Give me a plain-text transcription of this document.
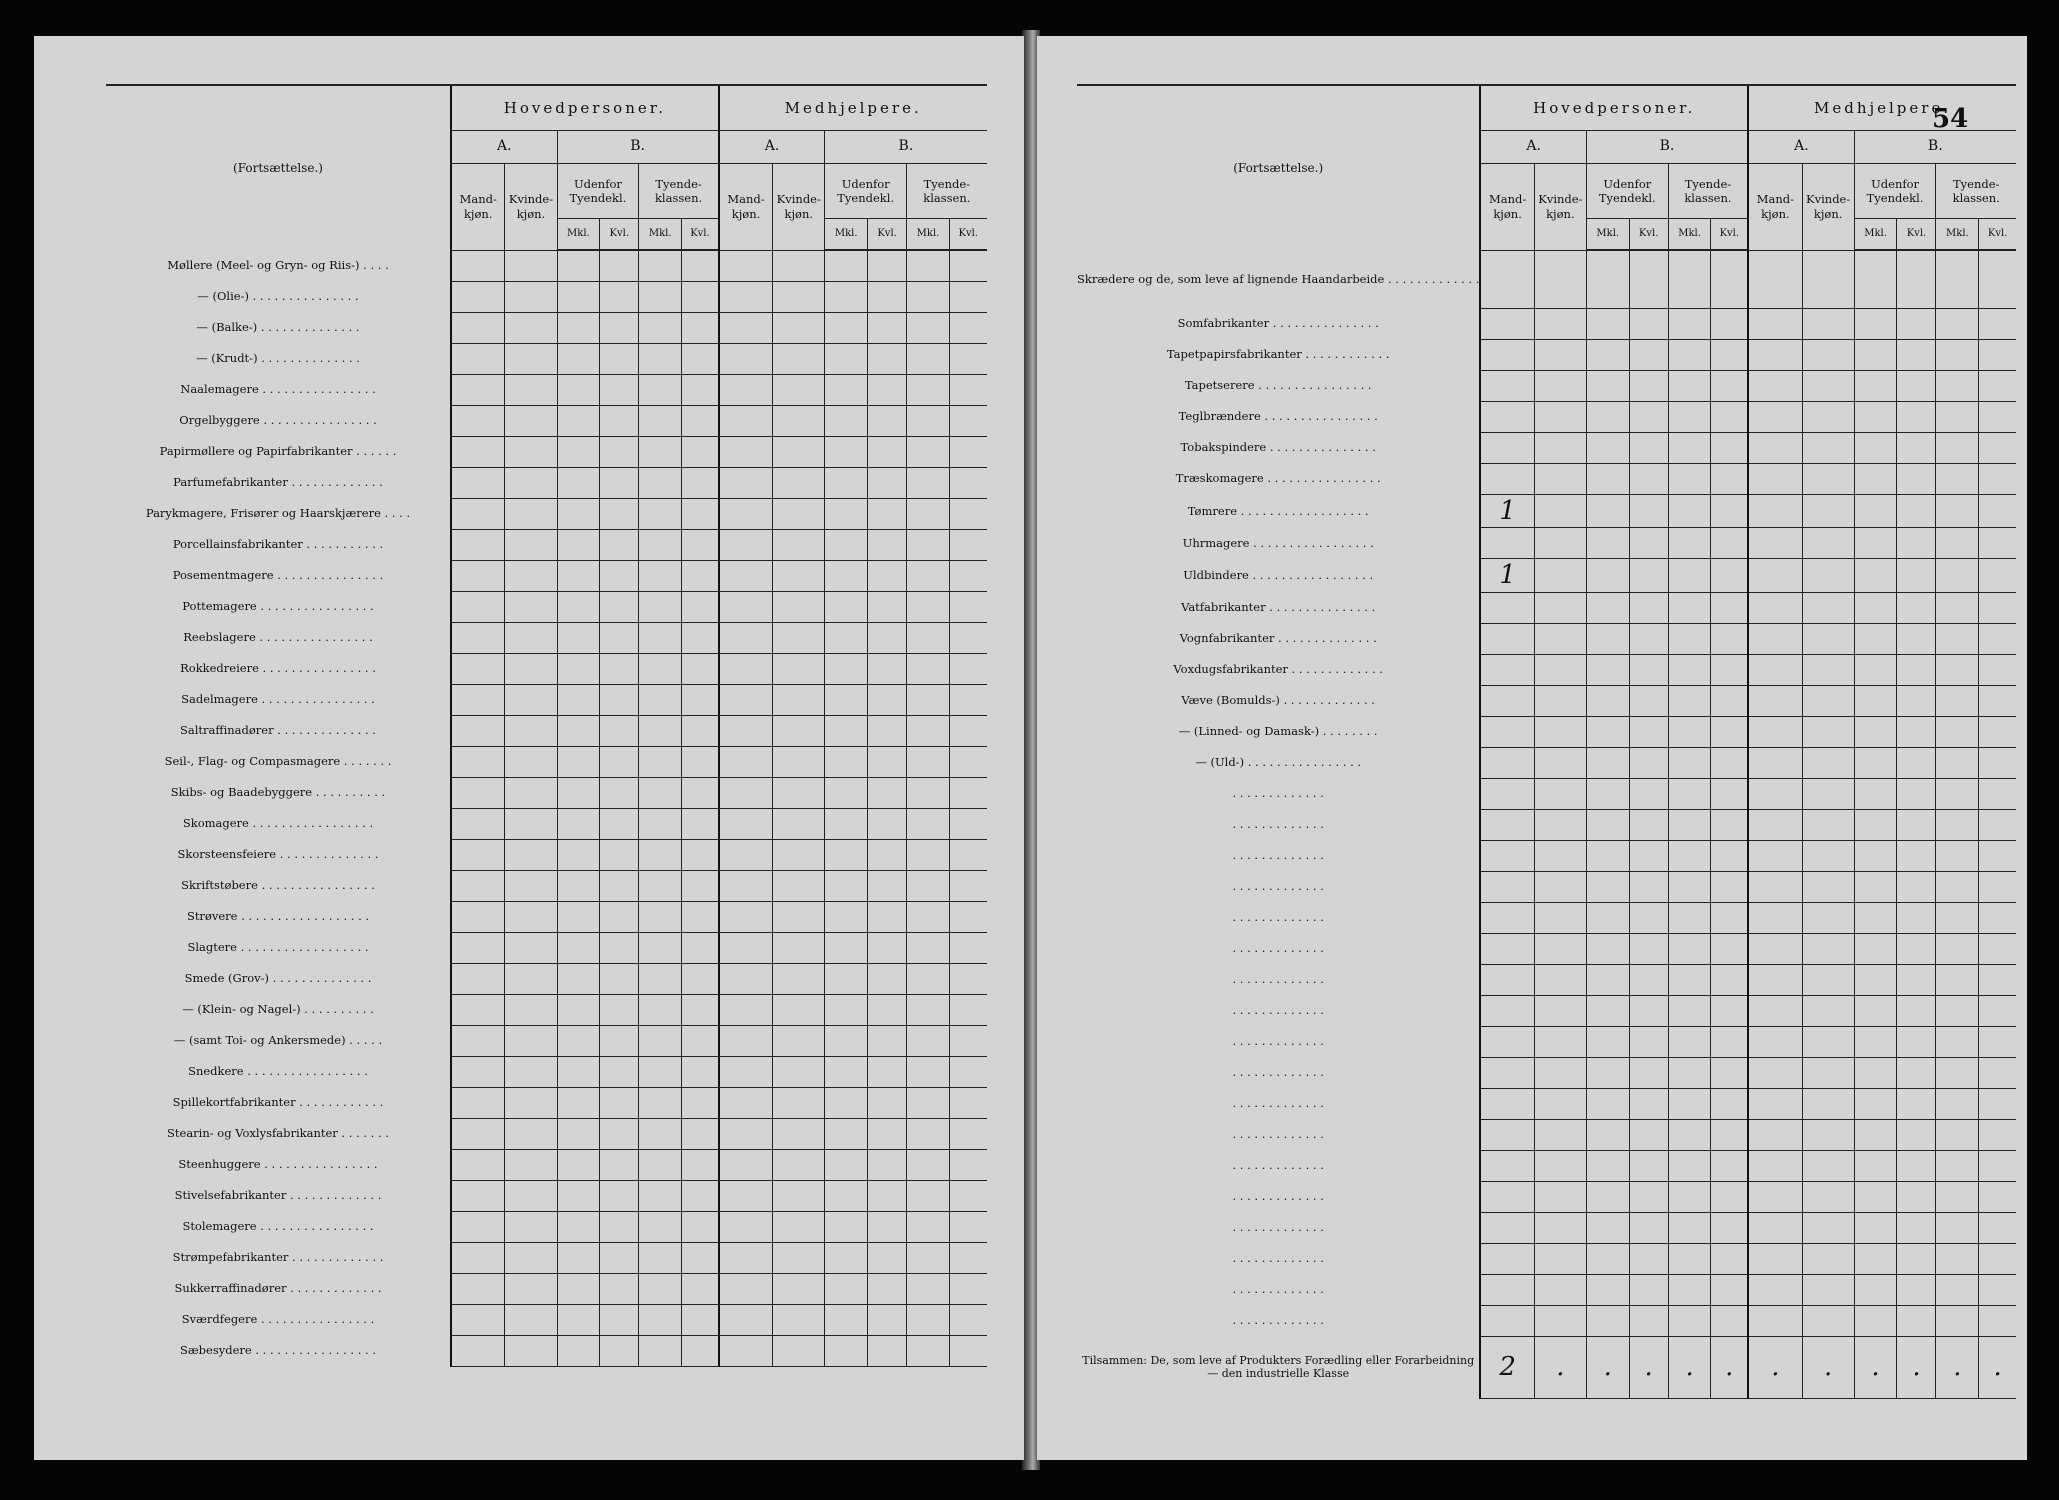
(Fortsættelse.)	Hovedpersoner.						Medhjelpere.					
	A.		B.				A.		B.			
	Mand-kjøn.	Kvinde-kjøn.	Udenfor Tyendekl.		Tyende-klassen.		Mand-kjøn.	Kvinde-kjøn.	Udenfor Tyendekl.		Tyende-klassen.	
			Mkl.	Kvl.	Mkl.	Kvl.			Mkl.	Kvl.	Mkl.	Kvl.
Møllere (Meel- og Gryn- og Riis-) . . . .												
— (Olie-) . . . . . . . . . . . . . . .												
— (Balke-) . . . . . . . . . . . . . .												
— (Krudt-) . . . . . . . . . . . . . .												
Naalemagere . . . . . . . . . . . . . . . .												
Orgelbyggere . . . . . . . . . . . . . . . .												
Papirmøllere og Papirfabrikanter . . . . . .												
Parfumefabrikanter . . . . . . . . . . . . .												
Parykmagere, Frisører og Haarskjærere . . . .												
Porcellainsfabrikanter . . . . . . . . . . .												
Posementmagere . . . . . . . . . . . . . . .												
Pottemagere . . . . . . . . . . . . . . . .												
Reebslagere . . . . . . . . . . . . . . . .												
Rokkedreiere . . . . . . . . . . . . . . . .												
Sadelmagere . . . . . . . . . . . . . . . .												
Saltraffinadører . . . . . . . . . . . . . .												
Seil-, Flag- og Compasmagere . . . . . . .												
Skibs- og Baadebyggere . . . . . . . . . .												
Skomagere . . . . . . . . . . . . . . . . .												
Skorsteensfeiere . . . . . . . . . . . . . .												
Skriftstøbere . . . . . . . . . . . . . . . .												
Strøvere . . . . . . . . . . . . . . . . . .												
Slagtere . . . . . . . . . . . . . . . . . .												
Smede (Grov-) . . . . . . . . . . . . . .												
— (Klein- og Nagel-) . . . . . . . . . .												
— (samt Toi- og Ankersmede) . . . . .												
Snedkere . . . . . . . . . . . . . . . . .												
Spillekortfabrikanter . . . . . . . . . . . .												
Stearin- og Voxlysfabrikanter . . . . . . .												
Steenhuggere . . . . . . . . . . . . . . . .												
Stivelsefabrikanter . . . . . . . . . . . . .												
Stolemagere . . . . . . . . . . . . . . . .												
Strømpefabrikanter . . . . . . . . . . . . .												
Sukkerraffinadører . . . . . . . . . . . . .												
Sværdfegere . . . . . . . . . . . . . . . .												
Sæbesydere . . . . . . . . . . . . . . . . .												
54
(Fortsættelse.)	Hovedpersoner.						Medhjelpere.					
	A.		B.				A.		B.			
	Mand-kjøn.	Kvinde-kjøn.	Udenfor Tyendekl.		Tyende-klassen.		Mand-kjøn.	Kvinde-kjøn.	Udenfor Tyendekl.		Tyende-klassen.	
			Mkl.	Kvl.	Mkl.	Kvl.			Mkl.	Kvl.	Mkl.	Kvl.
Skrædere og de, som leve af lignende Haandarbeide . . . . . . . . . . . . .												
Somfabrikanter . . . . . . . . . . . . . . .												
Tapetpapirsfabrikanter . . . . . . . . . . . .												
Tapetserere . . . . . . . . . . . . . . . .												
Teglbrændere . . . . . . . . . . . . . . . .												
Tobakspindere . . . . . . . . . . . . . . .												
Træskomagere . . . . . . . . . . . . . . . .												
Tømrere . . . . . . . . . . . . . . . . . .	1											
Uhrmagere . . . . . . . . . . . . . . . . .												
Uldbindere . . . . . . . . . . . . . . . . .	1											
Vatfabrikanter . . . . . . . . . . . . . . .												
Vognfabrikanter . . . . . . . . . . . . . .												
Voxdugsfabrikanter . . . . . . . . . . . . .												
Væve (Bomulds-) . . . . . . . . . . . . .												
— (Linned- og Damask-) . . . . . . . .												
— (Uld-) . . . . . . . . . . . . . . . .												
. . . . . . . . . . . . .												
. . . . . . . . . . . . .												
. . . . . . . . . . . . .												
. . . . . . . . . . . . .												
. . . . . . . . . . . . .												
. . . . . . . . . . . . .												
. . . . . . . . . . . . .												
. . . . . . . . . . . . .												
. . . . . . . . . . . . .												
. . . . . . . . . . . . .												
. . . . . . . . . . . . .												
. . . . . . . . . . . . .												
. . . . . . . . . . . . .												
. . . . . . . . . . . . .												
. . . . . . . . . . . . .												
. . . . . . . . . . . . .												
. . . . . . . . . . . . .												
. . . . . . . . . . . . .												
Tilsammen: De, som leve af Produkters Forædling eller Forarbeidning — den industrielle Klasse	2	.	.	.	.	.	.	.	.	.	.	.
